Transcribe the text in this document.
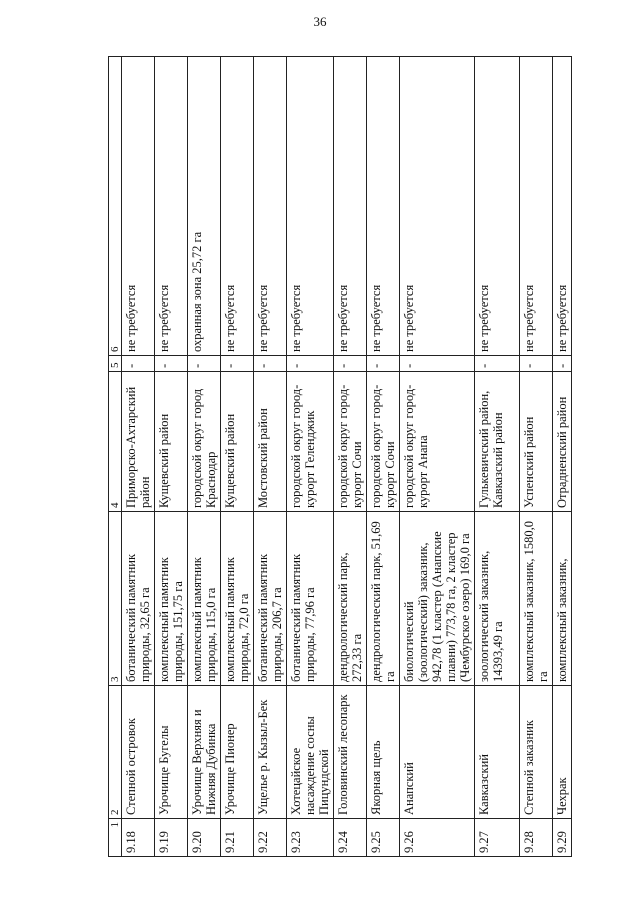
36
1	2	3	4	5	6
9.18	Степной островок	ботанический памятник природы, 32,65 га	Приморско-Ахтарский район	-	не требуется
9.19	Урочище Бугелы	комплексный памятник природы, 151,75 га	Кущевский район	-	не требуется
9.20	Урочище Верхняя и Нижняя Дубинка	комплексный памятник природы, 115,0 га	городской округ город Краснодар	-	охранная зона 25,72 га
9.21	Урочище Пионер	комплексный памятник природы, 72,0 га	Кущевский район	-	не требуется
9.22	Ущелье р. Кызыл-Бек	ботанический памятник природы, 206,7 га	Мостовский район	-	не требуется
9.23	Хотецайское насаждение сосны Пицундской	ботанический памятник природы, 77,96 га	городской округ город-курорт Геленджик	-	не требуется
9.24	Головинский лесопарк	дендрологический парк, 272,33 га	городской округ город-курорт Сочи	-	не требуется
9.25	Якорная щель	дендрологический парк, 51,69 га	городской округ город-курорт Сочи	-	не требуется
9.26	Анапский	биологический (зоологический) заказник, 942,78 (1 кластер (Анапские плавни) 773,78 га, 2 кластер (Чембурское озеро) 169,0 га	городской округ город-курорт Анапа	-	не требуется
9.27	Кавказский	зоологический заказник, 14393,49 га	Гулькевичский район, Кавказский район	-	не требуется
9.28	Степной заказник	комплексный заказник, 1580,0 га	Успенский район	-	не требуется
9.29	Чехрак	комплексный заказник,	Отрадненский район	-	не требуется
